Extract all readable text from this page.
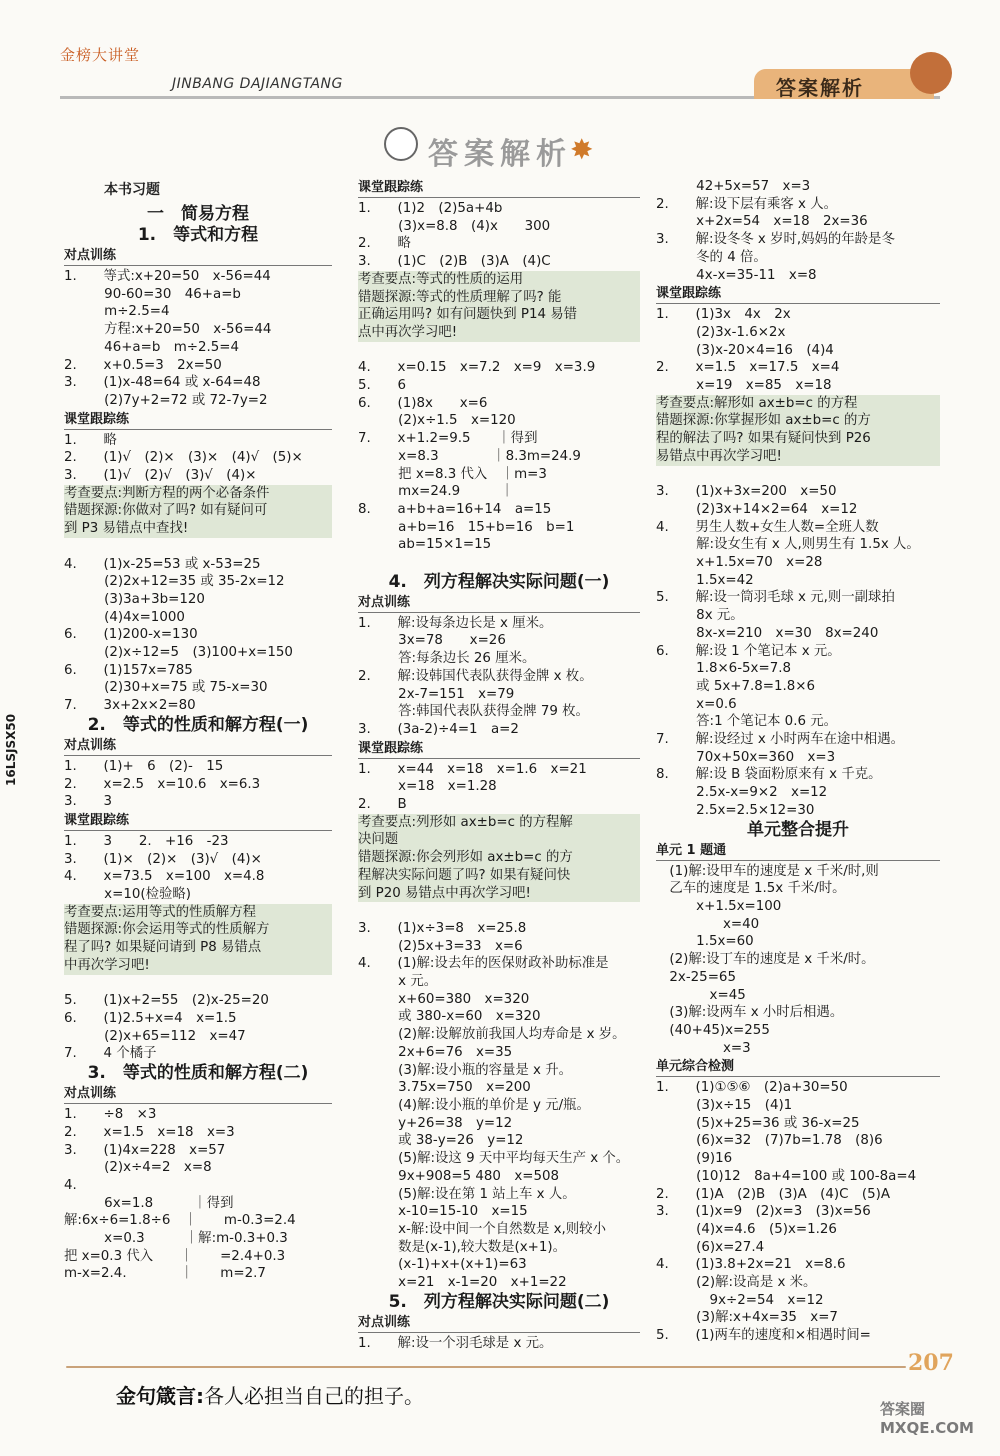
金榜大讲堂
JINBANG DAJIANGTANG	答案解析
答案解析
✸
16LSJSX50
本书习题
一　简易方程
1.　等式和方程
对点训练
1.　　等式:x+20=50　x-56=44
　　　90-60=30　46+a=b
　　　m÷2.5=4
　　　方程:x+20=50　x-56=44
　　　46+a=b　m÷2.5=4
2.　　x+0.5=3　2x=50
3.　　(1)x-48=64 或 x-64=48
　　　(2)7y+2=72 或 72-7y=2
课堂跟踪练
1.　　略
2.　　(1)√　(2)×　(3)×　(4)√　(5)×
3.　　(1)√　(2)√　(3)√　(4)×
考查要点:判断方程的两个必备条件
错题探源:你做对了吗? 如有疑问可
到 P3 易错点中查找!
4.　　(1)x-25=53 或 x-53=25
　　　(2)2x+12=35 或 35-2x=12
　　　(3)3a+3b=120
　　　(4)4x=1000
6.　　(1)200-x=130
　　　(2)x÷12=5　(3)100+x=150
6.　　(1)157x=785
　　　(2)30+x=75 或 75-x=30
7.　　3x+2x×2=80
2.　等式的性质和解方程(一)
对点训练
1.　　(1)+　6　(2)-　15
2.　　x=2.5　x=10.6　x=6.3
3.　　3
课堂跟踪练
1.　　3　　2.　+16　-23
3.　　(1)×　(2)×　(3)√　(4)×
4.　　x=73.5　x=100　x=4.8
　　　x=10(检验略)
考查要点:运用等式的性质解方程
错题探源:你会运用等式的性质解方
程了吗? 如果疑问请到 P8 易错点
中再次学习吧!
5.　　(1)x+2=55　(2)x-25=20
6.　　(1)2.5+x=4　x=1.5
　　　(2)x+65=112　x=47
7.　　4 个橘子
3.　等式的性质和解方程(二)
对点训练
1.　　÷8　×3
2.　　x=1.5　x=18　x=3
3.　　(1)4x=228　x=57
　　　(2)x÷4=2　x=8
4.
　　　6x=1.8　　　｜得到
解:6x÷6=1.8÷6　｜　　m-0.3=2.4
　　　x=0.3　　　｜解:m-0.3+0.3
把 x=0.3 代入　　｜　　=2.4+0.3
m-x=2.4.　　　　｜　　m=2.7
课堂跟踪练
1.　　(1)2　(2)5a+4b
　　　(3)x=8.8　(4)x　　300
2.　　略
3.　　(1)C　(2)B　(3)A　(4)C
考查要点:等式的性质的运用
错题探源:等式的性质理解了吗? 能
正确运用吗? 如有问题快到 P14 易错
点中再次学习吧!
4.　　x=0.15　x=7.2　x=9　x=3.9
5.　　6
6.　　(1)8x　　x=6
　　　(2)x÷1.5　x=120
7.　　x+1.2=9.5　　｜得到
　　　x=8.3　　　　｜8.3m=24.9
　　　把 x=8.3 代入　｜m=3
　　　mx=24.9　　　｜
8.　　a+b+a=16+14　a=15
　　　a+b=16　15+b=16　b=1
　　　ab=15×1=15
4.　列方程解决实际问题(一)
对点训练
1.　　解:设每条边长是 x 厘米。
　　　3x=78　　x=26
　　　答:每条边长 26 厘米。
2.　　解:设韩国代表队获得金牌 x 枚。
　　　2x-7=151　x=79
　　　答:韩国代表队获得金牌 79 枚。
3.　　(3a-2)÷4=1　a=2
课堂跟踪练
1.　　x=44　x=18　x=1.6　x=21
　　　x=18　x=1.28
2.　　B
考查要点:列形如 ax±b=c 的方程解
决问题
错题探源:你会列形如 ax±b=c 的方
程解决实际问题了吗? 如果有疑问快
到 P20 易错点中再次学习吧!
3.　　(1)x÷3=8　x=25.8
　　　(2)5x+3=33　x=6
4.　　(1)解:设去年的医保财政补助标准是
　　　x 元。
　　　x+60=380　x=320
　　　或 380-x=60　x=320
　　　(2)解:设解放前我国人均寿命是 x 岁。
　　　2x+6=76　x=35
　　　(3)解:设小瓶的容量是 x 升。
　　　3.75x=750　x=200
　　　(4)解:设小瓶的单价是 y 元/瓶。
　　　y+26=38　y=12
　　　或 38-y=26　y=12
　　　(5)解:设这 9 天中平均每天生产 x 个。
　　　9x+908=5 480　x=508
　　　(5)解:设在第 1 站上车 x 人。
　　　x-10=15-10　x=15
　　　x-解:设中间一个自然数是 x,则较小
　　　数是(x-1),较大数是(x+1)。
　　　(x-1)+x+(x+1)=63
　　　x=21　x-1=20　x+1=22
5.　列方程解决实际问题(二)
对点训练
1.　　解:设一个羽毛球是 x 元。
　　　42+5x=57　x=3
2.　　解:设下层有乘客 x 人。
　　　x+2x=54　x=18　2x=36
3.　　解:设冬冬 x 岁时,妈妈的年龄是冬
　　　冬的 4 倍。
　　　4x-x=35-11　x=8
课堂跟踪练
1.　　(1)3x　4x　2x
　　　(2)3x-1.6×2x
　　　(3)x-20×4=16　(4)4
2.　　x=1.5　x=17.5　x=4
　　　x=19　x=85　x=18
考查要点:解形如 ax±b=c 的方程
错题探源:你掌握形如 ax±b=c 的方
程的解法了吗? 如果有疑问快到 P26
易错点中再次学习吧!
3.　　(1)x+3x=200　x=50
　　　(2)3x+14×2=64　x=12
4.　　男生人数+女生人数=全班人数
　　　解:设女生有 x 人,则男生有 1.5x 人。
　　　x+1.5x=70　x=28
　　　1.5x=42
5.　　解:设一筒羽毛球 x 元,则一副球拍
　　　8x 元。
　　　8x-x=210　x=30　8x=240
6.　　解:设 1 个笔记本 x 元。
　　　1.8×6-5x=7.8
　　　或 5x+7.8=1.8×6
　　　x=0.6
　　　答:1 个笔记本 0.6 元。
7.　　解:设经过 x 小时两车在途中相遇。
　　　70x+50x=360　x=3
8.　　解:设 B 袋面粉原来有 x 千克。
　　　2.5x-x=9×2　x=12
　　　2.5x=2.5×12=30
单元整合提升
单元 1 题通
　(1)解:设甲车的速度是 x 千米/时,则
　乙车的速度是 1.5x 千米/时。
　　　x+1.5x=100
　　　　　x=40
　　　1.5x=60
　(2)解:设丁车的速度是 x 千米/时。
　2x-25=65
　　　　x=45
　(3)解:设两车 x 小时后相遇。
　(40+45)x=255
　　　　　x=3
单元综合检测
1.　　(1)①⑤⑥　(2)a+30=50
　　　(3)x÷15　(4)1
　　　(5)x+25=36 或 36-x=25
　　　(6)x=32　(7)7b=1.78　(8)6
　　　(9)16
　　　(10)12　8a+4=100 或 100-8a=4
2.　　(1)A　(2)B　(3)A　(4)C　(5)A
3.　　(1)x=9　(2)x=3　(3)x=56
　　　(4)x=4.6　(5)x=1.26
　　　(6)x=27.4
4.　　(1)3.8+2x=21　x=8.6
　　　(2)解:设高是 x 米。
　　　　9x÷2=54　x=12
　　　(3)解:x+4x=35　x=7
5.　　(1)两车的速度和×相遇时间=
金句箴言:各人必担当自己的担子。
207
答案圈 MXQE.COM
